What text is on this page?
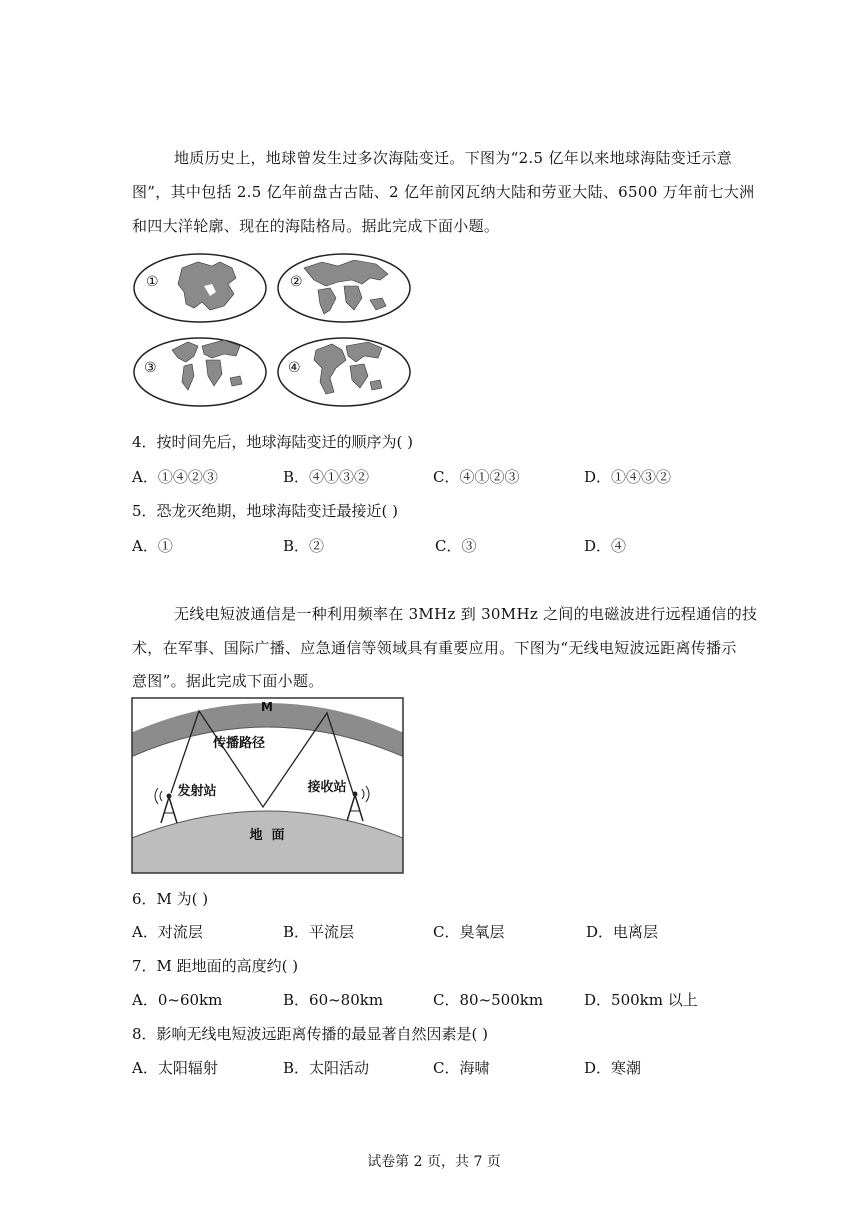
地质历史上，地球曾发生过多次海陆变迁。下图为“2.5 亿年以来地球海陆变迁示意
图”，其中包括 2.5 亿年前盘古古陆、2 亿年前冈瓦纳大陆和劳亚大陆、6500 万年前七大洲
和四大洋轮廓、现在的海陆格局。据此完成下面小题。
①	②
③	④
4．按时间先后，地球海陆变迁的顺序为( )
A．①④②③	B．④①③②	C．④①②③	D．①④③②
5．恐龙灭绝期，地球海陆变迁最接近( )
A．①	B．②	C．③	D．④
无线电短波通信是一种利用频率在 3MHz 到 30MHz 之间的电磁波进行远程通信的技
术，在军事、国际广播、应急通信等领域具有重要应用。下图为“无线电短波远距离传播示
意图”。据此完成下面小题。
M
传播路径
发射站	接收站
地  面
6．M 为( )
A．对流层	B．平流层	C．臭氧层	D．电离层
7．M 距地面的高度约( )
A．0~60km	B．60~80km	C．80~500km	D．500km 以上
8．影响无线电短波远距离传播的最显著自然因素是( )
A．太阳辐射	B．太阳活动	C．海啸	D．寒潮
试卷第 2 页，共 7 页
